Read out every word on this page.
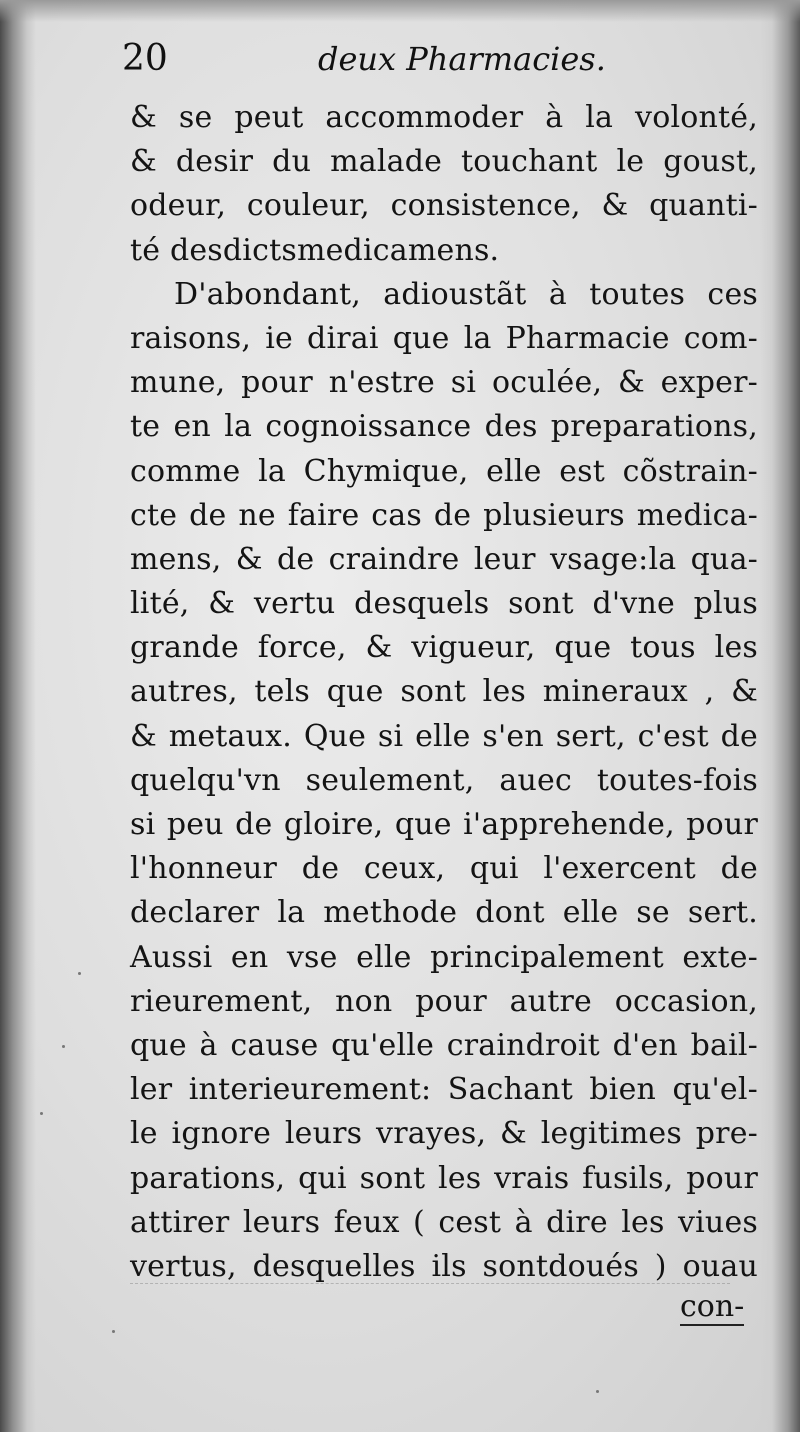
20	deux Pharmacies.
& se peut accommoder à la volonté,
& desir du malade touchant le goust,
odeur, couleur, consistence, & quanti-
té desdictsmedicamens.
D'abondant, adioustãt à toutes ces
raisons, ie dirai que la Pharmacie com-
mune, pour n'estre si oculée, & exper-
te en la cognoissance des preparations,
comme la Chymique, elle est cõstrain-
cte de ne faire cas de plusieurs medica-
mens, & de craindre leur vsage:la qua-
lité, & vertu desquels sont d'vne plus
grande force, & vigueur, que tous les
autres, tels que sont les mineraux , &
& metaux. Que si elle s'en sert, c'est de
quelqu'vn seulement, auec toutes-fois
si peu de gloire, que i'apprehende, pour
l'honneur de ceux, qui l'exercent de
declarer la methode dont elle se sert.
Aussi en vse elle principalement exte-
rieurement, non pour autre occasion,
que à cause qu'elle craindroit d'en bail-
ler interieurement: Sachant bien qu'el-
le ignore leurs vrayes, & legitimes pre-
parations, qui sont les vrais fusils, pour
attirer leurs feux ( cest à dire les viues
vertus, desquelles ils sontdoués ) ouau
con-
